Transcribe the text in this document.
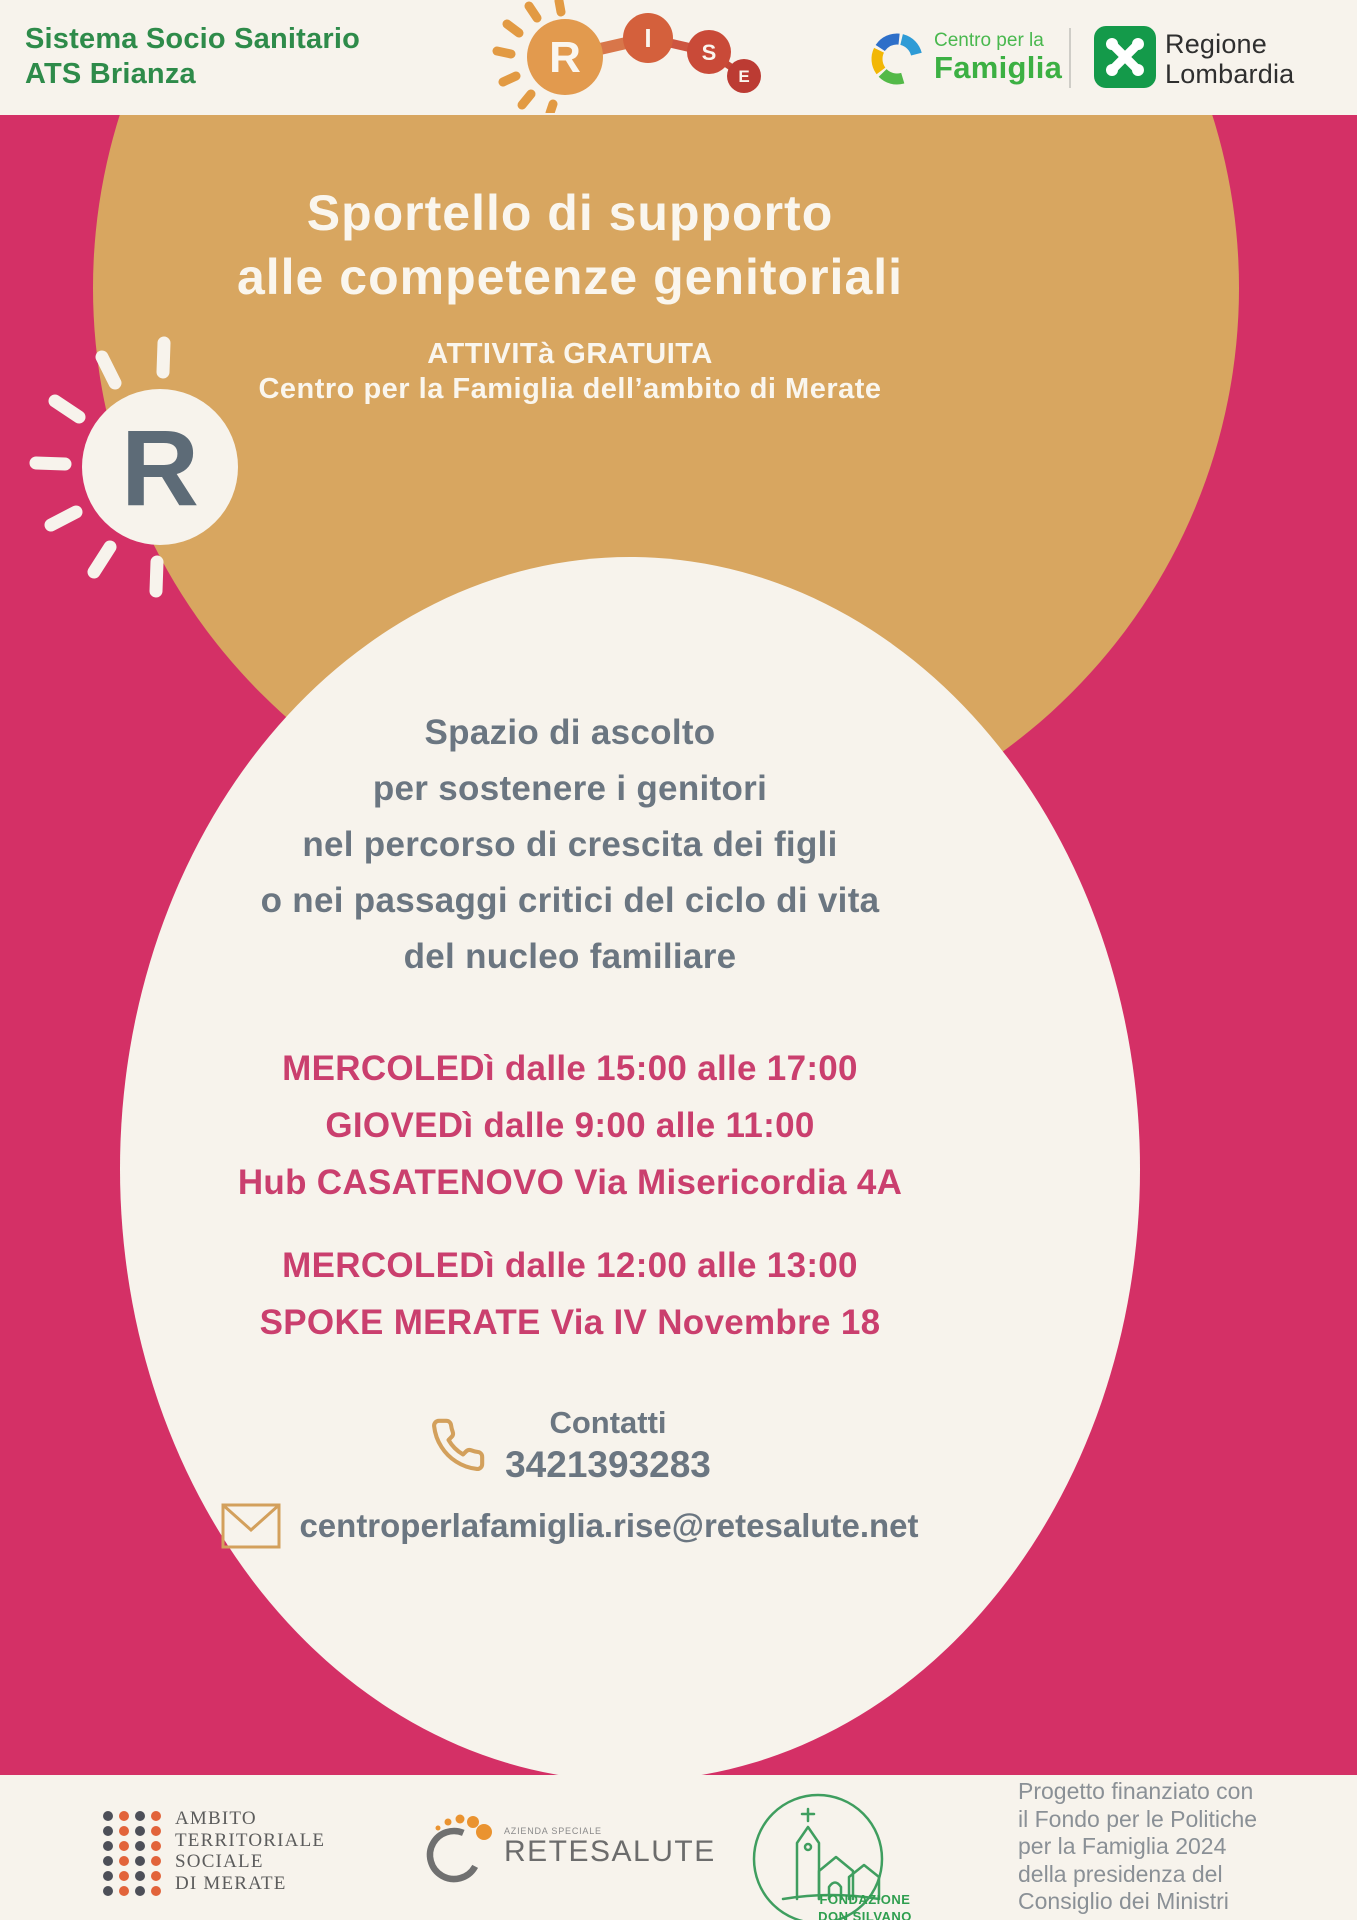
Sistema Socio Sanitario
ATS Brianza	R I S
E
Centro per la
Famiglia
Regione
Lombardia
R
Sportello di supporto
alle competenze genitoriali
ATTIVITà GRATUITA
Centro per la Famiglia dell’ambito di Merate
Spazio di ascolto
per sostenere i genitori
nel percorso di crescita dei figli
o nei passaggi critici del ciclo di vita
del nucleo familiare
MERCOLEDì dalle 15:00 alle 17:00
GIOVEDì dalle 9:00 alle 11:00
Hub CASATENOVO Via Misericordia 4A
MERCOLEDì dalle 12:00 alle 13:00
SPOKE MERATE Via IV Novembre 18
Contatti
3421393283
centroperlafamiglia.rise@retesalute.net
AMBITO
TERRITORIALE
SOCIALE
DI MERATE
AZIENDA SPECIALE
RETESALUTE
FONDAZIONE
DON SILVANO
Progetto finanziato con
il Fondo per le Politiche
per la Famiglia 2024
della presidenza del
Consiglio dei Ministri
